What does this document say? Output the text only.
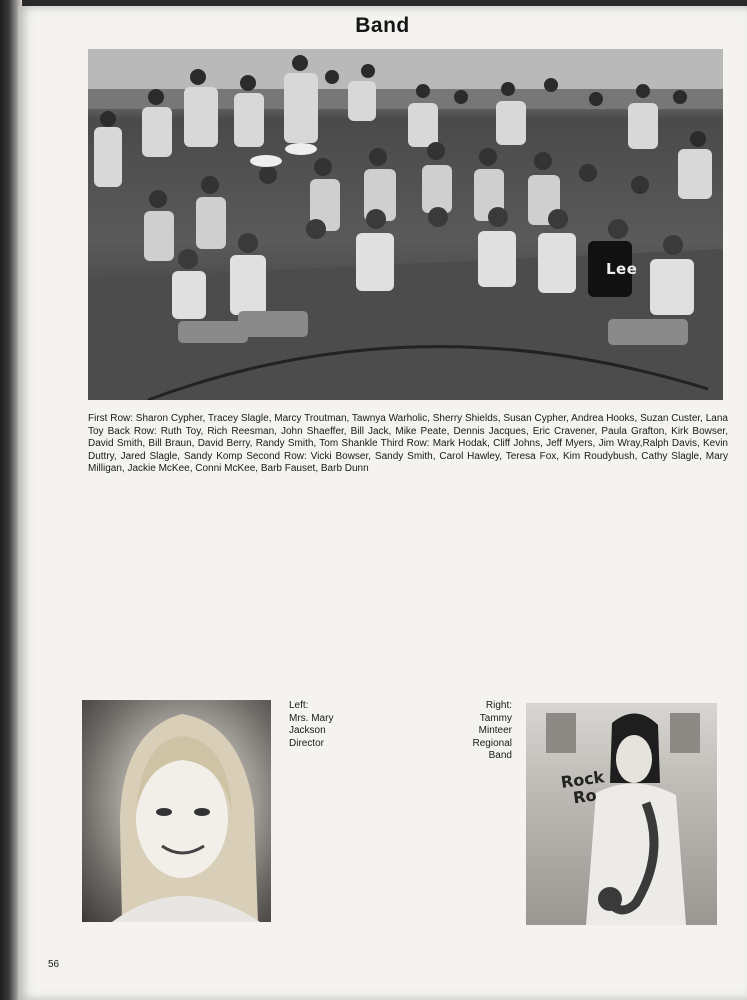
Band
Lee
First Row: Sharon Cypher, Tracey Slagle, Marcy Troutman, Tawnya Warholic, Sherry Shields, Susan Cypher, Andrea Hooks, Suzan Custer, Lana Toy Back Row: Ruth Toy, Rich Reesman, John Shaeffer, Bill Jack, Mike Peate, Dennis Jacques, Eric Cravener, Paula Grafton, Kirk Bowser, David Smith, Bill Braun, David Berry, Randy Smith, Tom Shankle Third Row: Mark Hodak, Cliff Johns, Jeff Myers, Jim Wray,Ralph Davis, Kevin Duttry, Jared Slagle, Sandy Komp Second Row: Vicki Bowser, Sandy Smith, Carol Hawley, Teresa Fox, Kim Roudybush, Cathy Slagle, Mary Milligan, Jackie McKee, Conni McKee, Barb Fauset, Barb Dunn
Left:
Mrs. Mary
Jackson
Director
Right:
Tammy
Minteer
Regional
Band
Rock
Ro
56
